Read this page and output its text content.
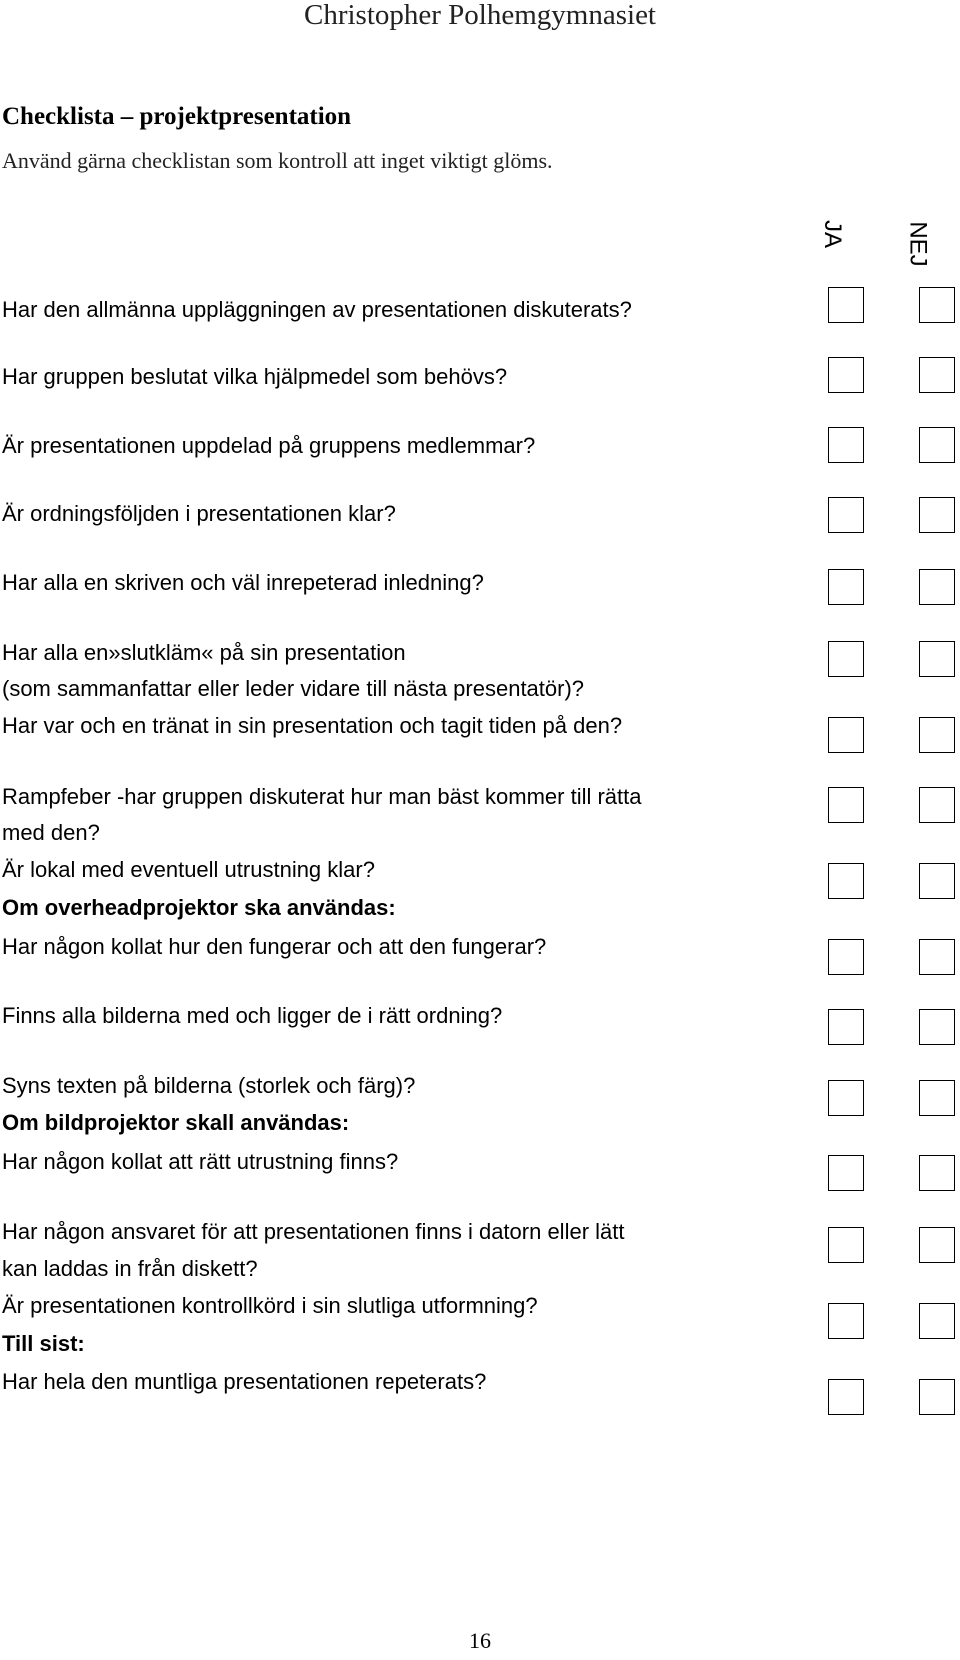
Christopher Polhemgymnasiet
Checklista – projektpresentation
Använd gärna checklistan som kontroll att inget viktigt glöms.
JA NEJ
Har den allmänna uppläggningen av presentationen diskuterats?
Har gruppen beslutat vilka hjälpmedel som behövs?
Är presentationen uppdelad på gruppens medlemmar?
Är ordningsföljden i presentationen klar?
Har alla en skriven och väl inrepeterad inledning?
Har alla en»slutkläm« på sin presentation
(som sammanfattar eller leder vidare till nästa presentatör)?
Har var och en tränat in sin presentation och tagit tiden på den?
Rampfeber -har gruppen diskuterat hur man bäst kommer till rätta
med den?
Är lokal med eventuell utrustning klar?
Om overheadprojektor ska användas:
Har någon kollat hur den fungerar och att den fungerar?
Finns alla bilderna med och ligger de i rätt ordning?
Syns texten på bilderna (storlek och färg)?
Om bildprojektor skall användas:
Har någon kollat att rätt utrustning finns?
Har någon ansvaret för att presentationen finns i datorn eller lätt
kan laddas in från diskett?
Är presentationen kontrollkörd i sin slutliga utformning?
Till sist:
Har hela den muntliga presentationen repeterats?
16
